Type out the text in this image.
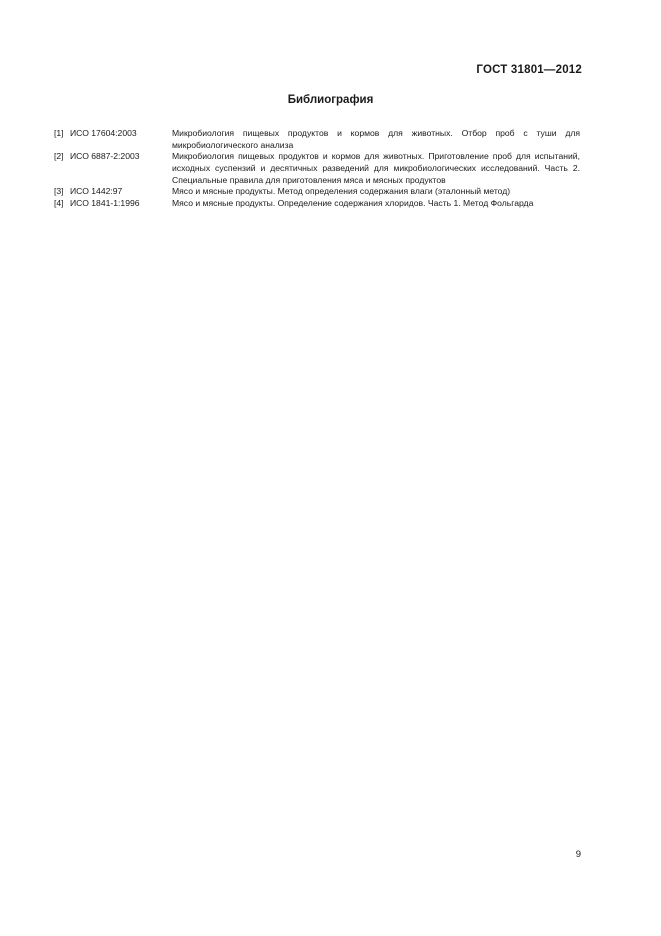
ГОСТ 31801—2012
Библиография
[1] ИСО 17604:2003	Микробиология пищевых продуктов и кормов для животных. Отбор проб с туши для микробиологического анализа
[2] ИСО 6887-2:2003	Микробиология пищевых продуктов и кормов для животных. Приготовление проб для испытаний, исходных суспензий и десятичных разведений для микробиологических исследований. Часть 2. Специальные правила для приготовления мяса и мясных продуктов
[3] ИСО 1442:97	Мясо и мясные продукты. Метод определения содержания влаги (эталонный метод)
[4] ИСО 1841-1:1996	Мясо и мясные продукты. Определение содержания хлоридов. Часть 1. Метод Фольгарда
9
